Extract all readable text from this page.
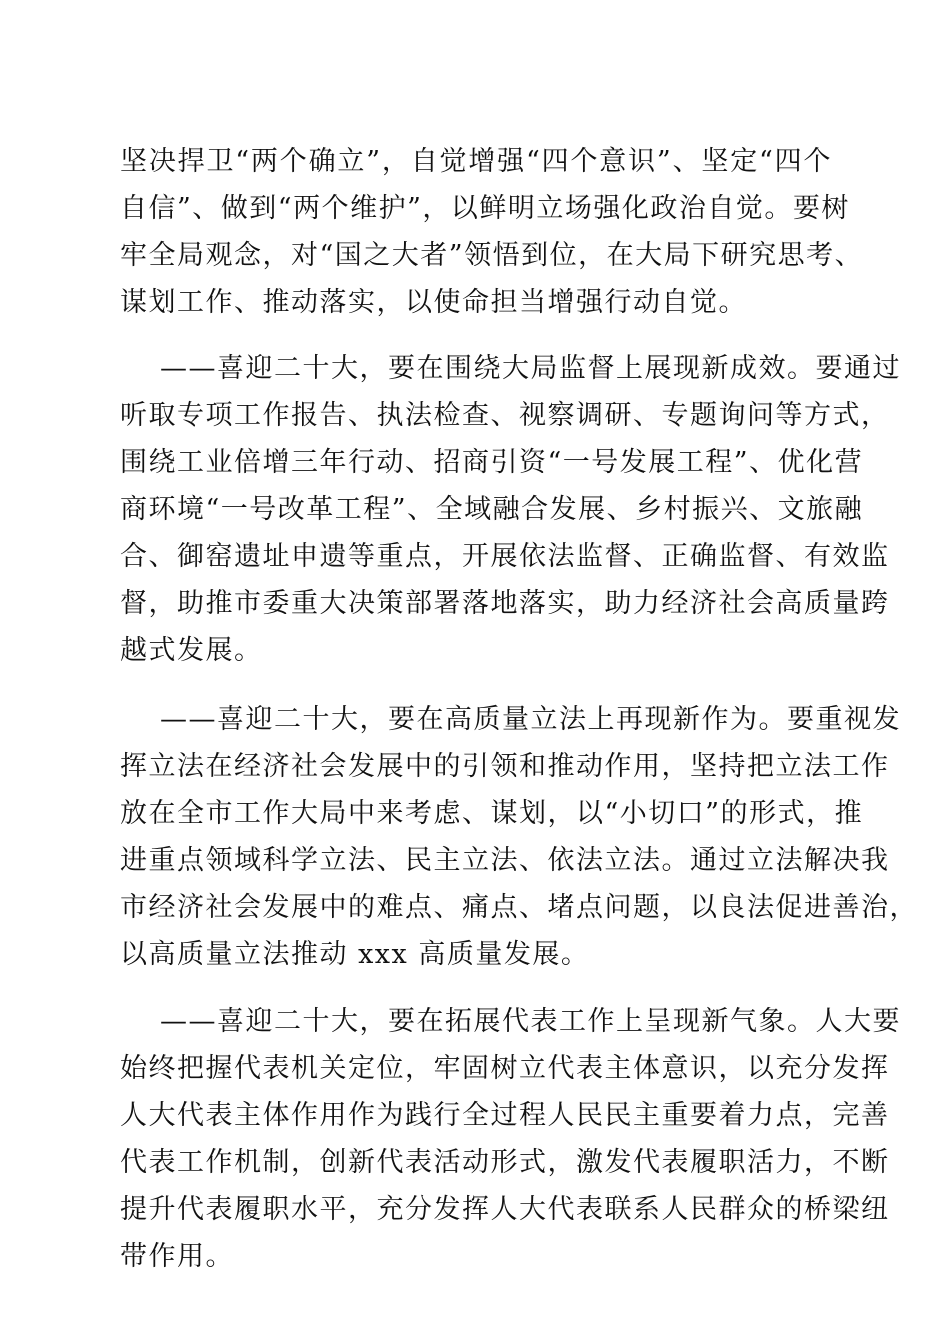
坚决捍卫“两个确立”，自觉增强“四个意识”、坚定“四个
自信”、做到“两个维护”，以鲜明立场强化政治自觉。要树
牢全局观念，对“国之大者”领悟到位，在大局下研究思考、
谋划工作、推动落实，以使命担当增强行动自觉。
——喜迎二十大，要在围绕大局监督上展现新成效。要通过
听取专项工作报告、执法检查、视察调研、专题询问等方式，
围绕工业倍增三年行动、招商引资“一号发展工程”、优化营
商环境“一号改革工程”、全域融合发展、乡村振兴、文旅融
合、御窑遗址申遗等重点，开展依法监督、正确监督、有效监
督，助推市委重大决策部署落地落实，助力经济社会高质量跨
越式发展。
——喜迎二十大，要在高质量立法上再现新作为。要重视发
挥立法在经济社会发展中的引领和推动作用，坚持把立法工作
放在全市工作大局中来考虑、谋划，以“小切口”的形式，推
进重点领域科学立法、民主立法、依法立法。通过立法解决我
市经济社会发展中的难点、痛点、堵点问题，以良法促进善治，
以高质量立法推动 xxx 高质量发展。
——喜迎二十大，要在拓展代表工作上呈现新气象。人大要
始终把握代表机关定位，牢固树立代表主体意识，以充分发挥
人大代表主体作用作为践行全过程人民民主重要着力点，完善
代表工作机制，创新代表活动形式，激发代表履职活力，不断
提升代表履职水平，充分发挥人大代表联系人民群众的桥梁纽
带作用。
